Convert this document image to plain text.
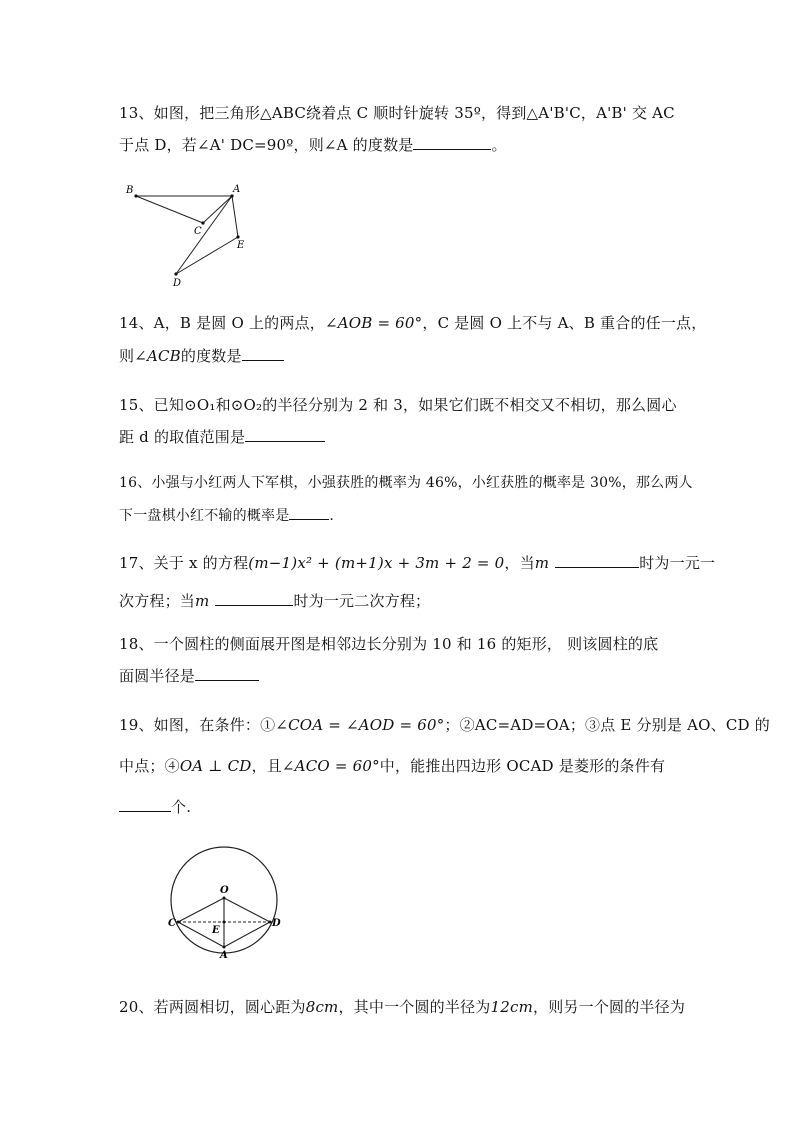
13、如图，把三角形△ABC绕着点 C 顺时针旋转 35º，得到△A'B'C，A'B' 交 AC
于点 D，若∠A' DC=90º，则∠A 的度数是	。
B	A
C
E
D
14、A，B 是圆 O 上的两点，∠AOB = 60°，C 是圆 O 上不与 A、B 重合的任一点，
则∠ACB的度数是
15、已知⊙O₁和⊙O₂的半径分别为 2 和 3，如果它们既不相交又不相切，那么圆心
距 d 的取值范围是
16、小强与小红两人下军棋，小强获胜的概率为 46%，小红获胜的概率是 30%，那么两人
下一盘棋小红不输的概率是	.
17、关于 x 的方程(m−1)x² + (m+1)x + 3m + 2 = 0，当m	时为一元一
次方程；当m	时为一元二次方程；
18、一个圆柱的侧面展开图是相邻边长分别为 10 和 16 的矩形， 则该圆柱的底
面圆半径是
19、如图，在条件：①∠COA = ∠AOD = 60°；②AC=AD=OA；③点 E 分别是 AO、CD 的
中点；④OA ⊥ CD，且∠ACO = 60°中，能推出四边形 OCAD 是菱形的条件有
个.
O
C	D
E
A
20、若两圆相切，圆心距为8cm，其中一个圆的半径为12cm，则另一个圆的半径为
